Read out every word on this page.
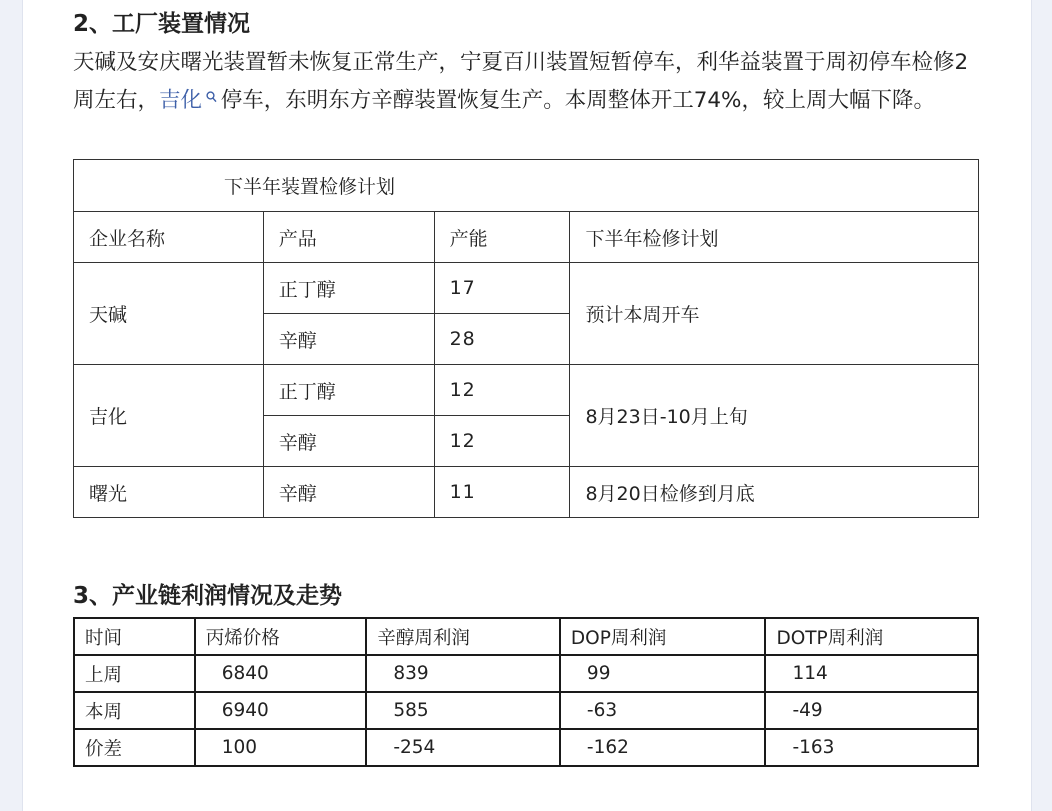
2、工厂装置情况
天碱及安庆曙光装置暂未恢复正常生产，宁夏百川装置短暂停车，利华益装置于周初停车检修2周左右，吉化 停车，东明东方辛醇装置恢复生产。本周整体开工74%，较上周大幅下降。
下半年装置检修计划			
企业名称	产品	产能	下半年检修计划
天碱	正丁醇	17	预计本周开车
	辛醇	28	
吉化	正丁醇	12	8月23日-10月上旬
	辛醇	12	
曙光	辛醇	11	8月20日检修到月底
3、产业链利润情况及走势
时间	丙烯价格	辛醇周利润	DOP周利润	DOTP周利润
上周	6840	839	99	114
本周	6940	585	-63	-49
价差	100	-254	-162	-163
